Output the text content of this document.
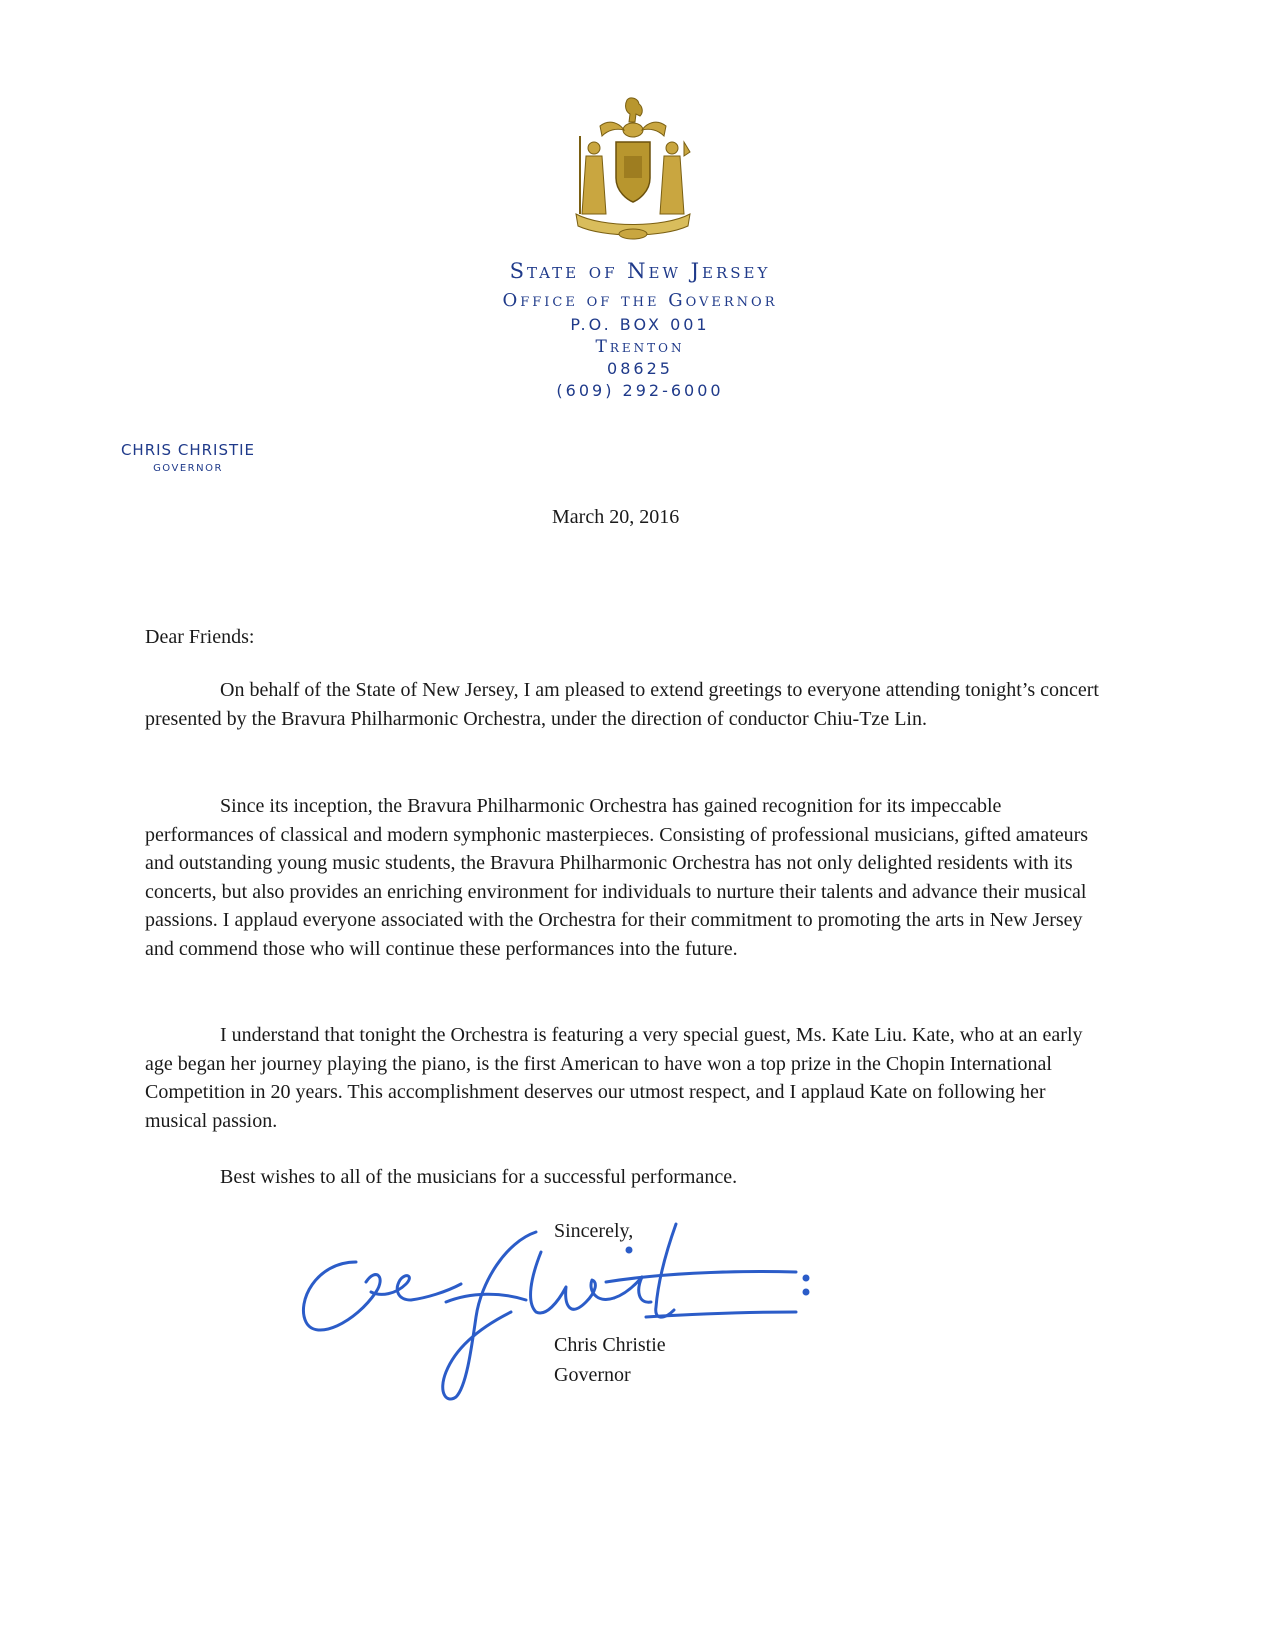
State of New Jersey
Office of the Governor
P.O. BOX 001
Trenton
08625
(609) 292-6000
CHRIS CHRISTIE
GOVERNOR
March 20, 2016
Dear Friends:

On behalf of the State of New Jersey, I am pleased to extend greetings to everyone attending tonight’s concert presented by the Bravura Philharmonic Orchestra, under the direction of conductor Chiu-Tze Lin.

Since its inception, the Bravura Philharmonic Orchestra has gained recognition for its impeccable performances of classical and modern symphonic masterpieces. Consisting of professional musicians, gifted amateurs and outstanding young music students, the Bravura Philharmonic Orchestra has not only delighted residents with its concerts, but also provides an enriching environment for individuals to nurture their talents and advance their musical passions. I applaud everyone associated with the Orchestra for their commitment to promoting the arts in New Jersey and commend those who will continue these performances into the future.

I understand that tonight the Orchestra is featuring a very special guest, Ms. Kate Liu. Kate, who at an early age began her journey playing the piano, is the first American to have won a top prize in the Chopin International Competition in 20 years. This accomplishment deserves our utmost respect, and I applaud Kate on following her musical passion.

Best wishes to all of the musicians for a successful performance.

Sincerely,
Chris Christie
Governor
